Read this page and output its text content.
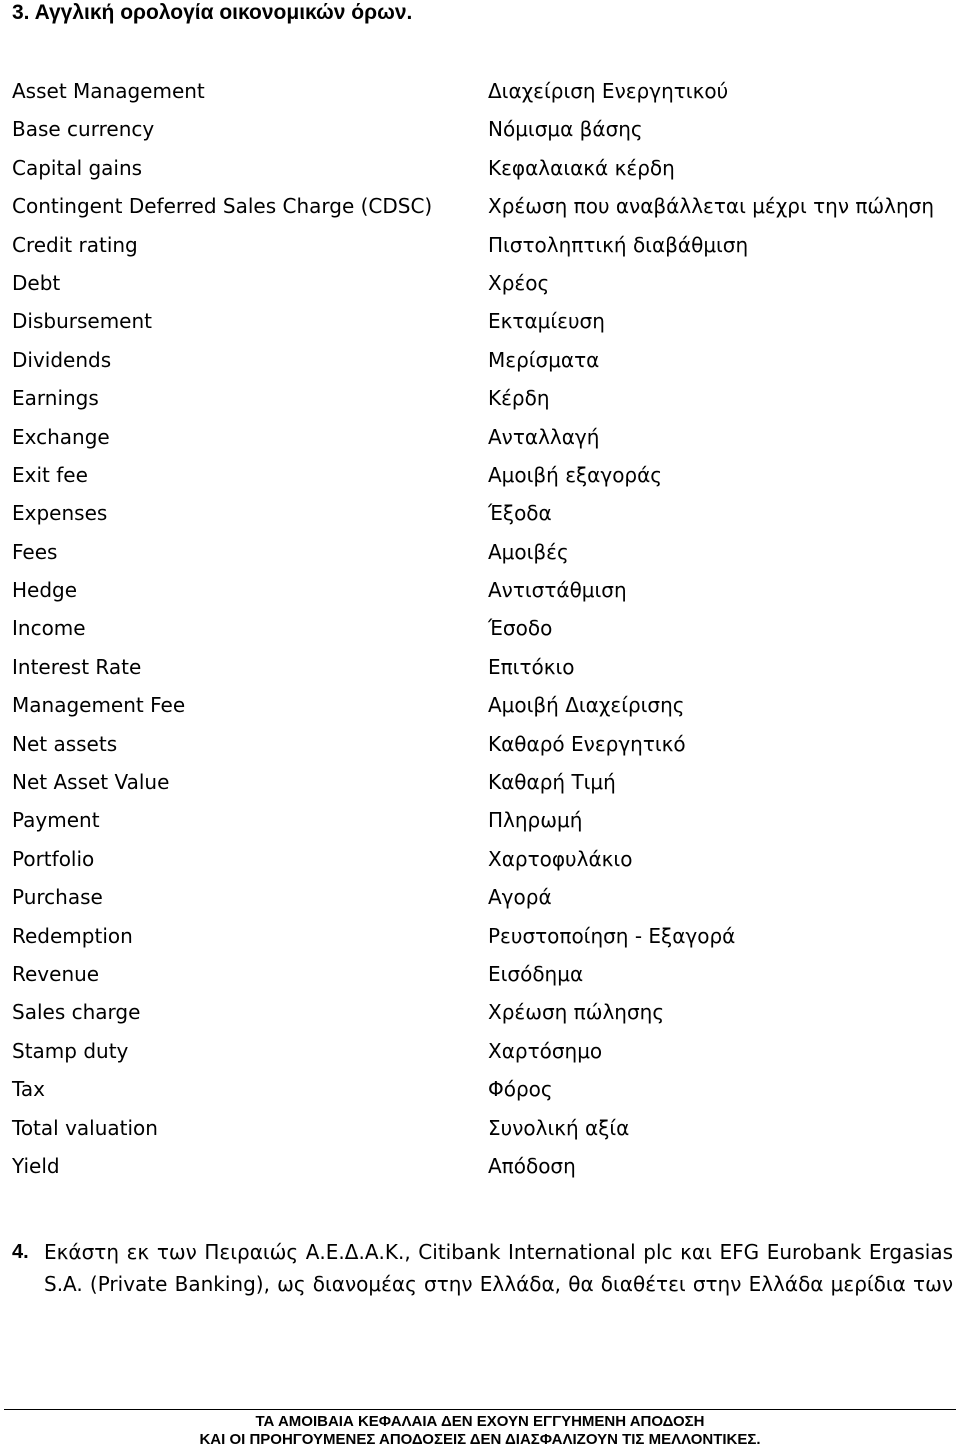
3. Αγγλική ορολογία οικονομικών όρων.
Asset Management	Διαχείριση Ενεργητικού
Base currency	Νόμισμα βάσης
Capital gains	Κεφαλαιακά κέρδη
Contingent Deferred Sales Charge (CDSC)	Χρέωση που αναβάλλεται μέχρι την πώληση
Credit rating	Πιστοληπτική διαβάθμιση
Debt	Χρέος
Disbursement	Εκταμίευση
Dividends	Μερίσματα
Earnings	Κέρδη
Exchange	Ανταλλαγή
Exit fee	Αμοιβή εξαγοράς
Expenses	Έξοδα
Fees	Αμοιβές
Hedge	Αντιστάθμιση
Income	Έσοδο
Interest Rate	Επιτόκιο
Management Fee	Αμοιβή Διαχείρισης
Net assets	Καθαρό Ενεργητικό
Net Asset Value	Καθαρή Τιμή
Payment	Πληρωμή
Portfolio	Χαρτοφυλάκιο
Purchase	Αγορά
Redemption	Ρευστοποίηση - Εξαγορά
Revenue	Εισόδημα
Sales charge	Χρέωση πώλησης
Stamp duty	Χαρτόσημο
Tax	Φόρος
Total valuation	Συνολική αξία
Yield	Απόδοση
4. Εκάστη εκ των Πειραιώς Α.Ε.Δ.Α.Κ., Citibank International plc και EFG Eurobank Ergasias
S.A. (Private Banking), ως διανομέας στην Ελλάδα, θα διαθέτει στην Ελλάδα μερίδια των
ΤΑ ΑΜΟΙΒΑΙΑ ΚΕΦΑΛΑΙΑ ΔΕΝ ΕΧΟΥΝ ΕΓΓΥΗΜΕΝΗ ΑΠΟΔΟΣΗ
ΚΑΙ ΟΙ ΠΡΟΗΓΟΥΜΕΝΕΣ ΑΠΟΔΟΣΕΙΣ ΔΕΝ ΔΙΑΣΦΑΛΙΖΟΥΝ ΤΙΣ ΜΕΛΛΟΝΤΙΚΕΣ.
